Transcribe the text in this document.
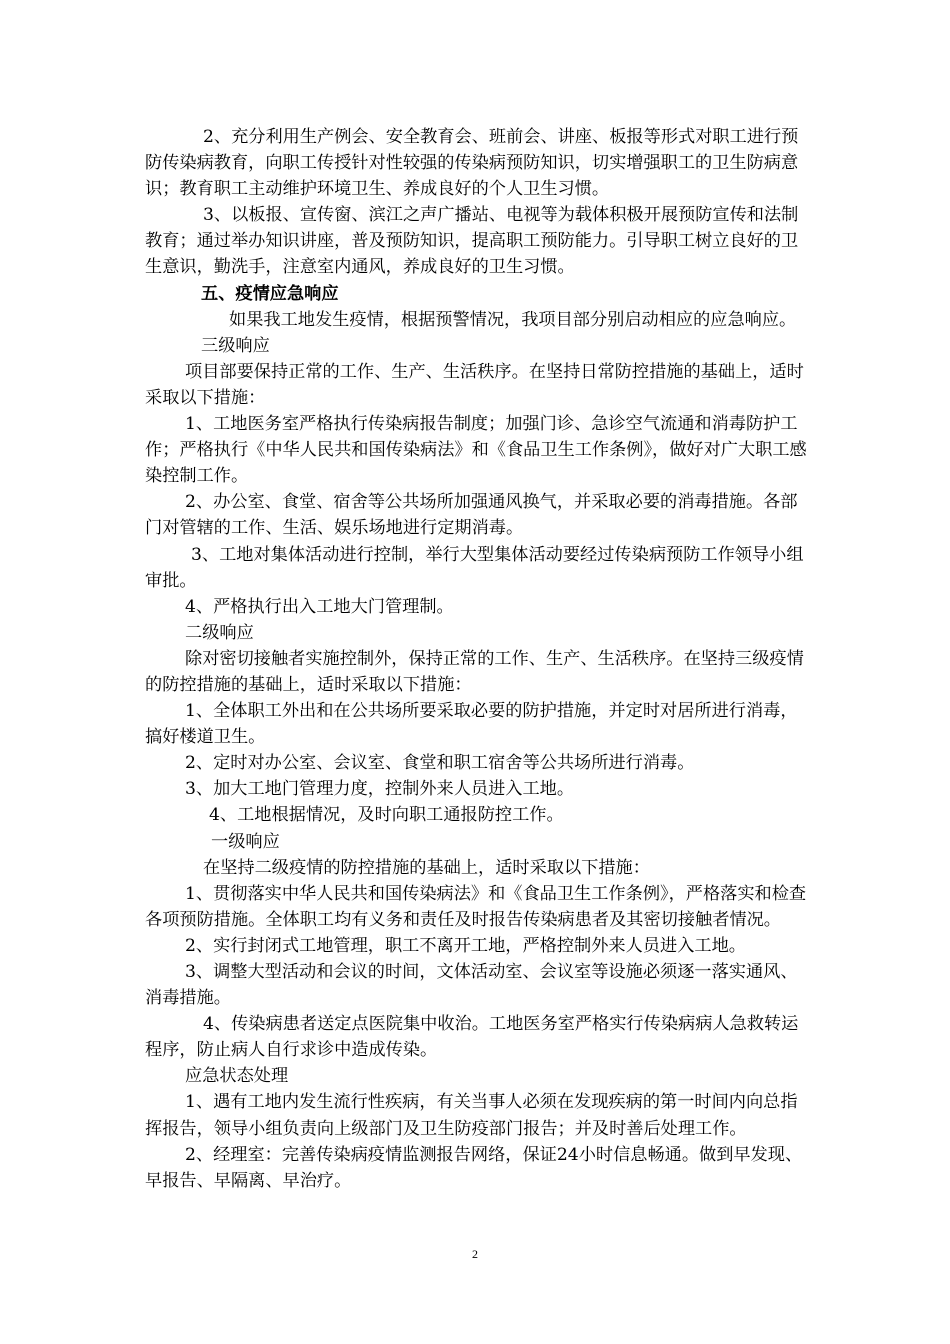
2、充分利用生产例会、安全教育会、班前会、讲座、板报等形式对职工进行预防传染病教育，向职工传授针对性较强的传染病预防知识，切实增强职工的卫生防病意识；教育职工主动维护环境卫生、养成良好的个人卫生习惯。

3、以板报、宣传窗、滨江之声广播站、电视等为载体积极开展预防宣传和法制教育；通过举办知识讲座，普及预防知识，提高职工预防能力。引导职工树立良好的卫生意识，勤洗手，注意室内通风，养成良好的卫生习惯。

五、疫情应急响应

如果我工地发生疫情，根据预警情况，我项目部分别启动相应的应急响应。

三级响应

项目部要保持正常的工作、生产、生活秩序。在坚持日常防控措施的基础上，适时采取以下措施：

1、工地医务室严格执行传染病报告制度；加强门诊、急诊空气流通和消毒防护工作；严格执行《中华人民共和国传染病法》和《食品卫生工作条例》，做好对广大职工感染控制工作。

2、办公室、食堂、宿舍等公共场所加强通风换气，并采取必要的消毒措施。各部门对管辖的工作、生活、娱乐场地进行定期消毒。

3、工地对集体活动进行控制，举行大型集体活动要经过传染病预防工作领导小组审批。

4、严格执行出入工地大门管理制。

二级响应

除对密切接触者实施控制外，保持正常的工作、生产、生活秩序。在坚持三级疫情的防控措施的基础上，适时采取以下措施：

1、全体职工外出和在公共场所要采取必要的防护措施，并定时对居所进行消毒，搞好楼道卫生。

2、定时对办公室、会议室、食堂和职工宿舍等公共场所进行消毒。

3、加大工地门管理力度，控制外来人员进入工地。

4、工地根据情况，及时向职工通报防控工作。

一级响应

在坚持二级疫情的防控措施的基础上，适时采取以下措施：

1、贯彻落实中华人民共和国传染病法》和《食品卫生工作条例》，严格落实和检查各项预防措施。全体职工均有义务和责任及时报告传染病患者及其密切接触者情况。

2、实行封闭式工地管理，职工不离开工地，严格控制外来人员进入工地。

3、调整大型活动和会议的时间，文体活动室、会议室等设施必须逐一落实通风、消毒措施。

4、传染病患者送定点医院集中收治。工地医务室严格实行传染病病人急救转运程序，防止病人自行求诊中造成传染。

应急状态处理

1、遇有工地内发生流行性疾病，有关当事人必须在发现疾病的第一时间内向总指挥报告，领导小组负责向上级部门及卫生防疫部门报告；并及时善后处理工作。

2、经理室：完善传染病疫情监测报告网络，保证24小时信息畅通。做到早发现、早报告、早隔离、早治疗。

2
